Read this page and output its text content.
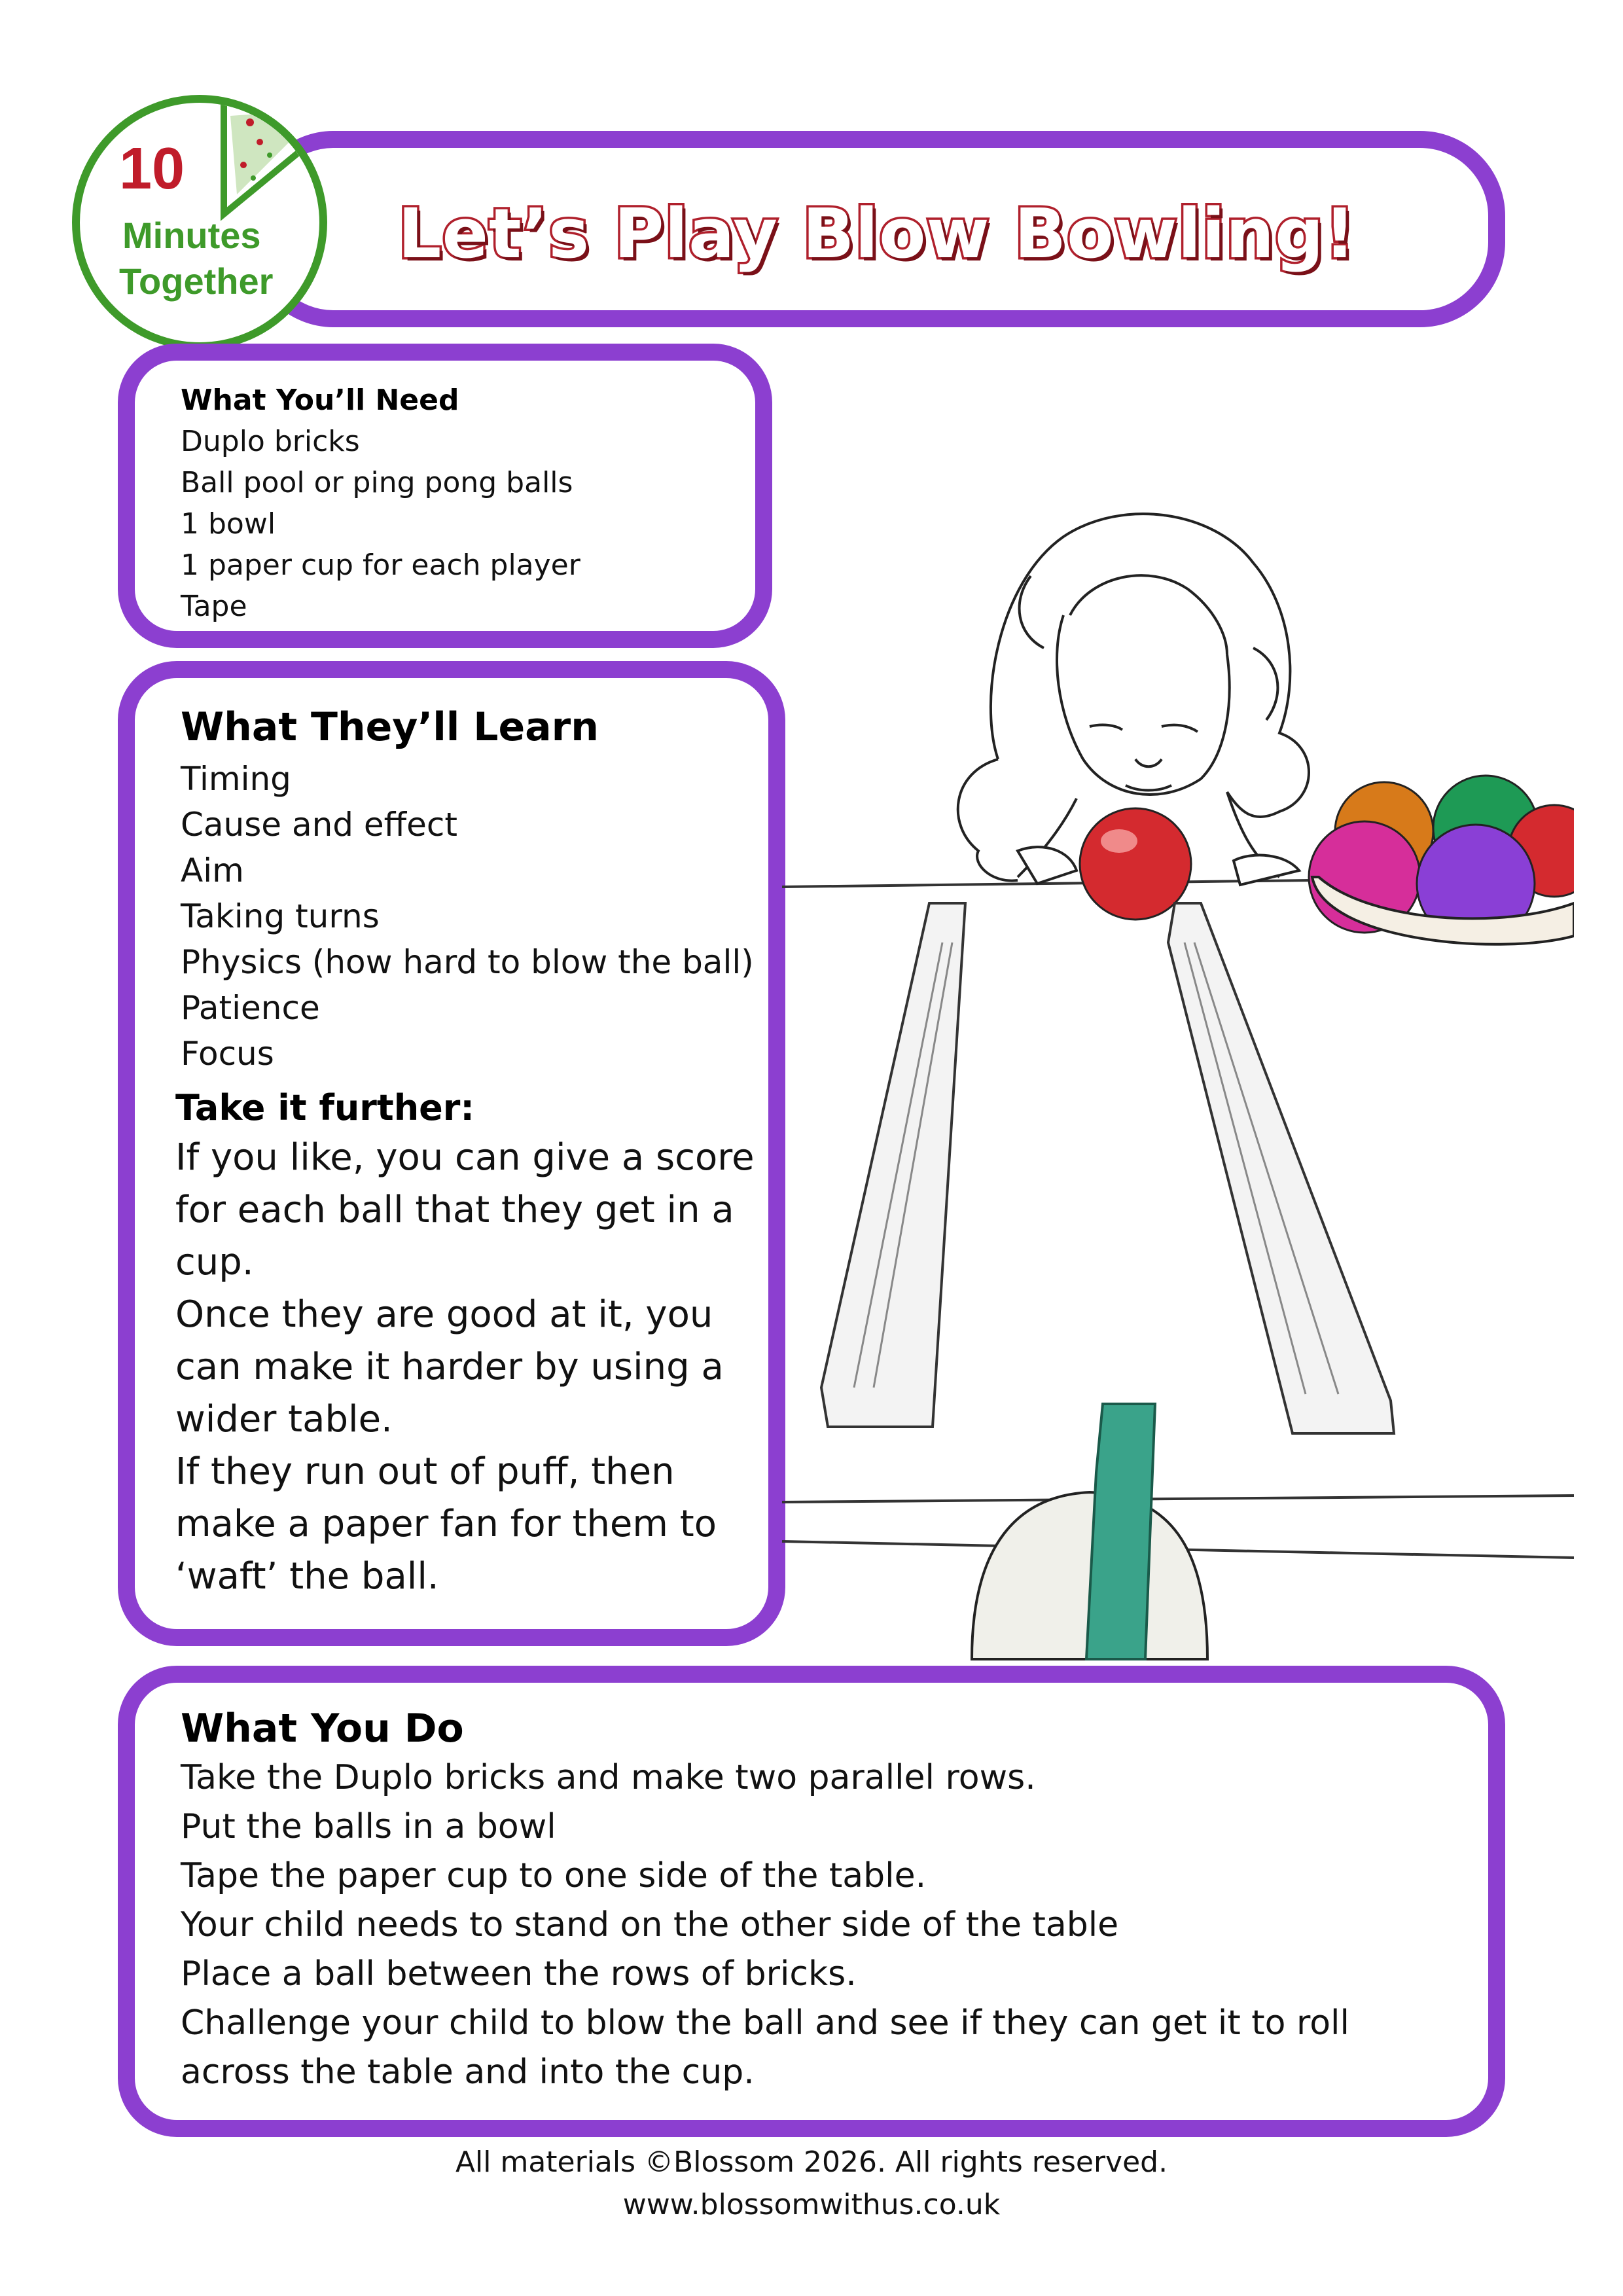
Let’s Play Blow Bowling!
10
Minutes
Together
What You’ll Need
Duplo bricks
Ball pool or ping pong balls
1 bowl
1 paper cup for each player
Tape
What They’ll Learn
Timing
Cause and effect
Aim
Taking turns
Physics (how hard to blow the ball)
Patience
Focus
Take it further:
If you like, you can give a score
for each ball that they get in a
cup.
Once they are good at it, you
can make it harder by using a
wider table.
If they run out of puff, then
make a paper fan for them to
‘waft’ the ball.
What You Do
Take the Duplo bricks and make two parallel rows.
Put the balls in a bowl
Tape the paper cup to one side of the table.
Your child needs to stand on the other side of the table
Place a ball between the rows of bricks.
Challenge your child to blow the ball and see if they can get it to roll
across the table and into the cup.
All materials ©Blossom 2026. All rights reserved.
www.blossomwithus.co.uk
